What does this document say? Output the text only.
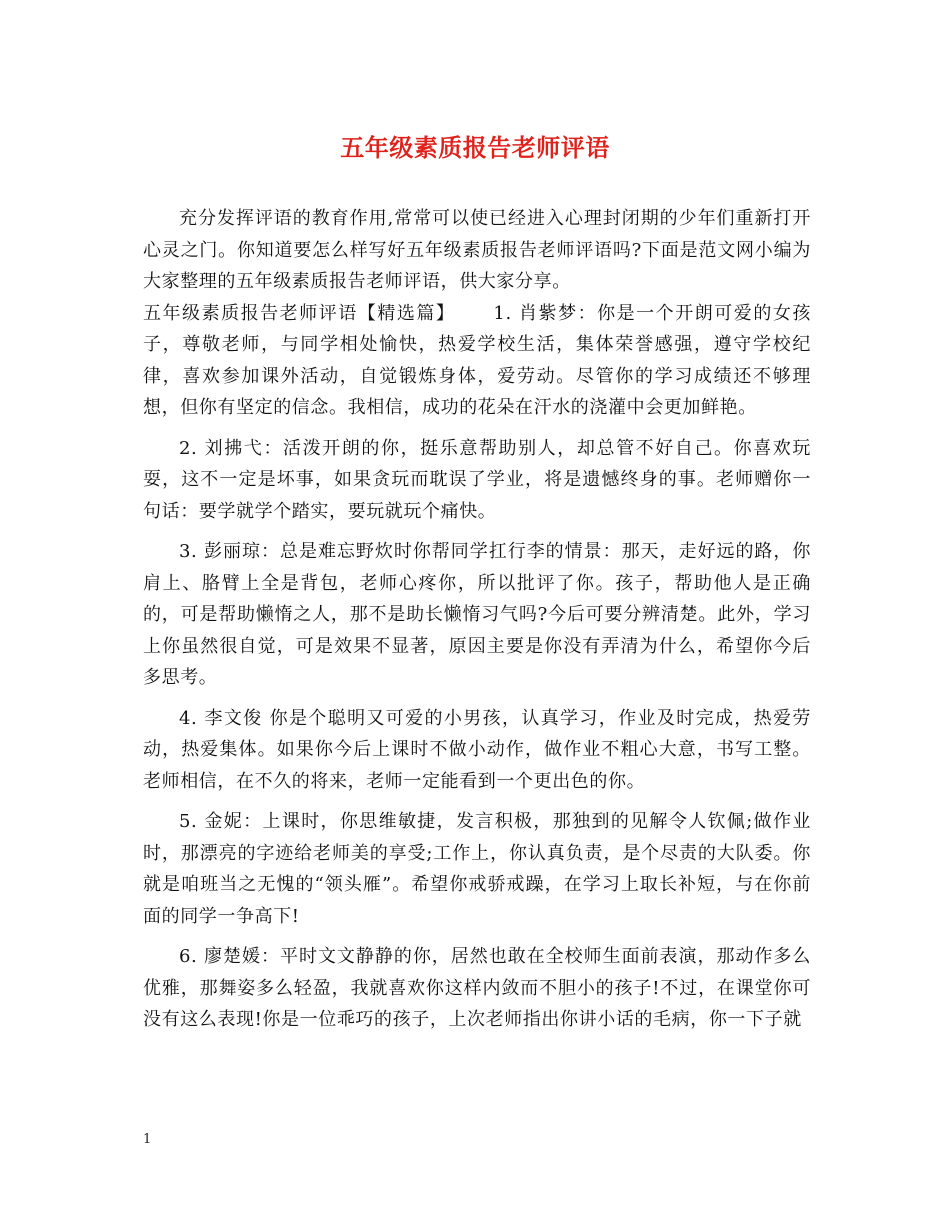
五年级素质报告老师评语

充分发挥评语的教育作用,常常可以使已经进入心理封闭期的少年们重新打开心灵之门。你知道要怎么样写好五年级素质报告老师评语吗?下面是范文网小编为大家整理的五年级素质报告老师评语，供大家分享。

五年级素质报告老师评语【精选篇】 1. 肖紫梦：你是一个开朗可爱的女孩子，尊敬老师，与同学相处愉快，热爱学校生活，集体荣誉感强，遵守学校纪律，喜欢参加课外活动，自觉锻炼身体，爱劳动。尽管你的学习成绩还不够理想，但你有坚定的信念。我相信，成功的花朵在汗水的浇灌中会更加鲜艳。

2. 刘拂弋：活泼开朗的你，挺乐意帮助别人，却总管不好自己。你喜欢玩耍，这不一定是坏事，如果贪玩而耽误了学业，将是遗憾终身的事。老师赠你一句话：要学就学个踏实，要玩就玩个痛快。

3. 彭丽琼：总是难忘野炊时你帮同学扛行李的情景：那天，走好远的路，你肩上、胳臂上全是背包，老师心疼你，所以批评了你。孩子，帮助他人是正确的，可是帮助懒惰之人，那不是助长懒惰习气吗?今后可要分辨清楚。此外，学习上你虽然很自觉，可是效果不显著，原因主要是你没有弄清为什么，希望你今后多思考。

4. 李文俊 你是个聪明又可爱的小男孩，认真学习，作业及时完成，热爱劳动，热爱集体。如果你今后上课时不做小动作，做作业不粗心大意，书写工整。老师相信，在不久的将来，老师一定能看到一个更出色的你。

5. 金妮：上课时，你思维敏捷，发言积极，那独到的见解令人钦佩;做作业时，那漂亮的字迹给老师美的享受;工作上，你认真负责，是个尽责的大队委。你就是咱班当之无愧的“领头雁”。希望你戒骄戒躁，在学习上取长补短，与在你前面的同学一争高下!

6. 廖楚媛：平时文文静静的你，居然也敢在全校师生面前表演，那动作多么优雅，那舞姿多么轻盈，我就喜欢你这样内敛而不胆小的孩子!不过，在课堂你可没有这么表现!你是一位乖巧的孩子，上次老师指出你讲小话的毛病，你一下子就

1
